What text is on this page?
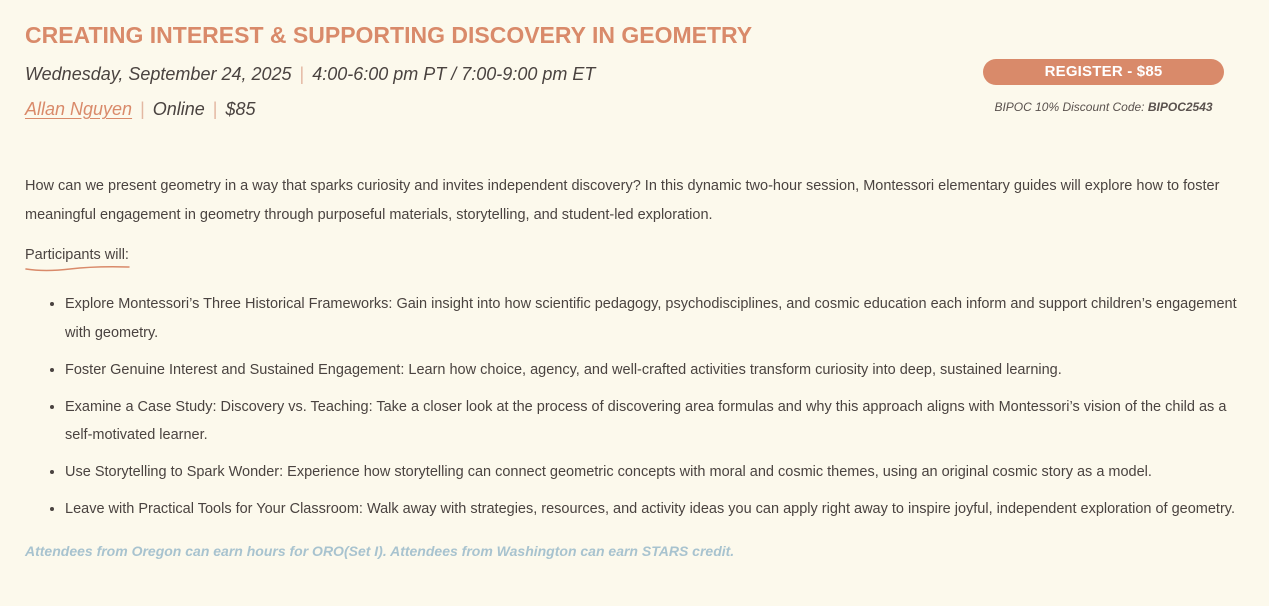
CREATING INTEREST & SUPPORTING DISCOVERY IN GEOMETRY
Wednesday, September 24, 2025 | 4:00-6:00 pm PT / 7:00-9:00 pm ET
Allan Nguyen | Online | $85
REGISTER - $85
BIPOC 10% Discount Code: BIPOC2543
How can we present geometry in a way that sparks curiosity and invites independent discovery? In this dynamic two-hour session, Montessori elementary guides will explore how to foster meaningful engagement in geometry through purposeful materials, storytelling, and student-led exploration.
Participants will:
• Explore Montessori’s Three Historical Frameworks: Gain insight into how scientific pedagogy, psychodisciplines, and cosmic education each inform and support children’s engagement with geometry.
• Foster Genuine Interest and Sustained Engagement: Learn how choice, agency, and well-crafted activities transform curiosity into deep, sustained learning.
• Examine a Case Study: Discovery vs. Teaching: Take a closer look at the process of discovering area formulas and why this approach aligns with Montessori’s vision of the child as a self-motivated learner.
• Use Storytelling to Spark Wonder: Experience how storytelling can connect geometric concepts with moral and cosmic themes, using an original cosmic story as a model.
• Leave with Practical Tools for Your Classroom: Walk away with strategies, resources, and activity ideas you can apply right away to inspire joyful, independent exploration of geometry.
Attendees from Oregon can earn hours for ORO(Set I). Attendees from Washington can earn STARS credit.
